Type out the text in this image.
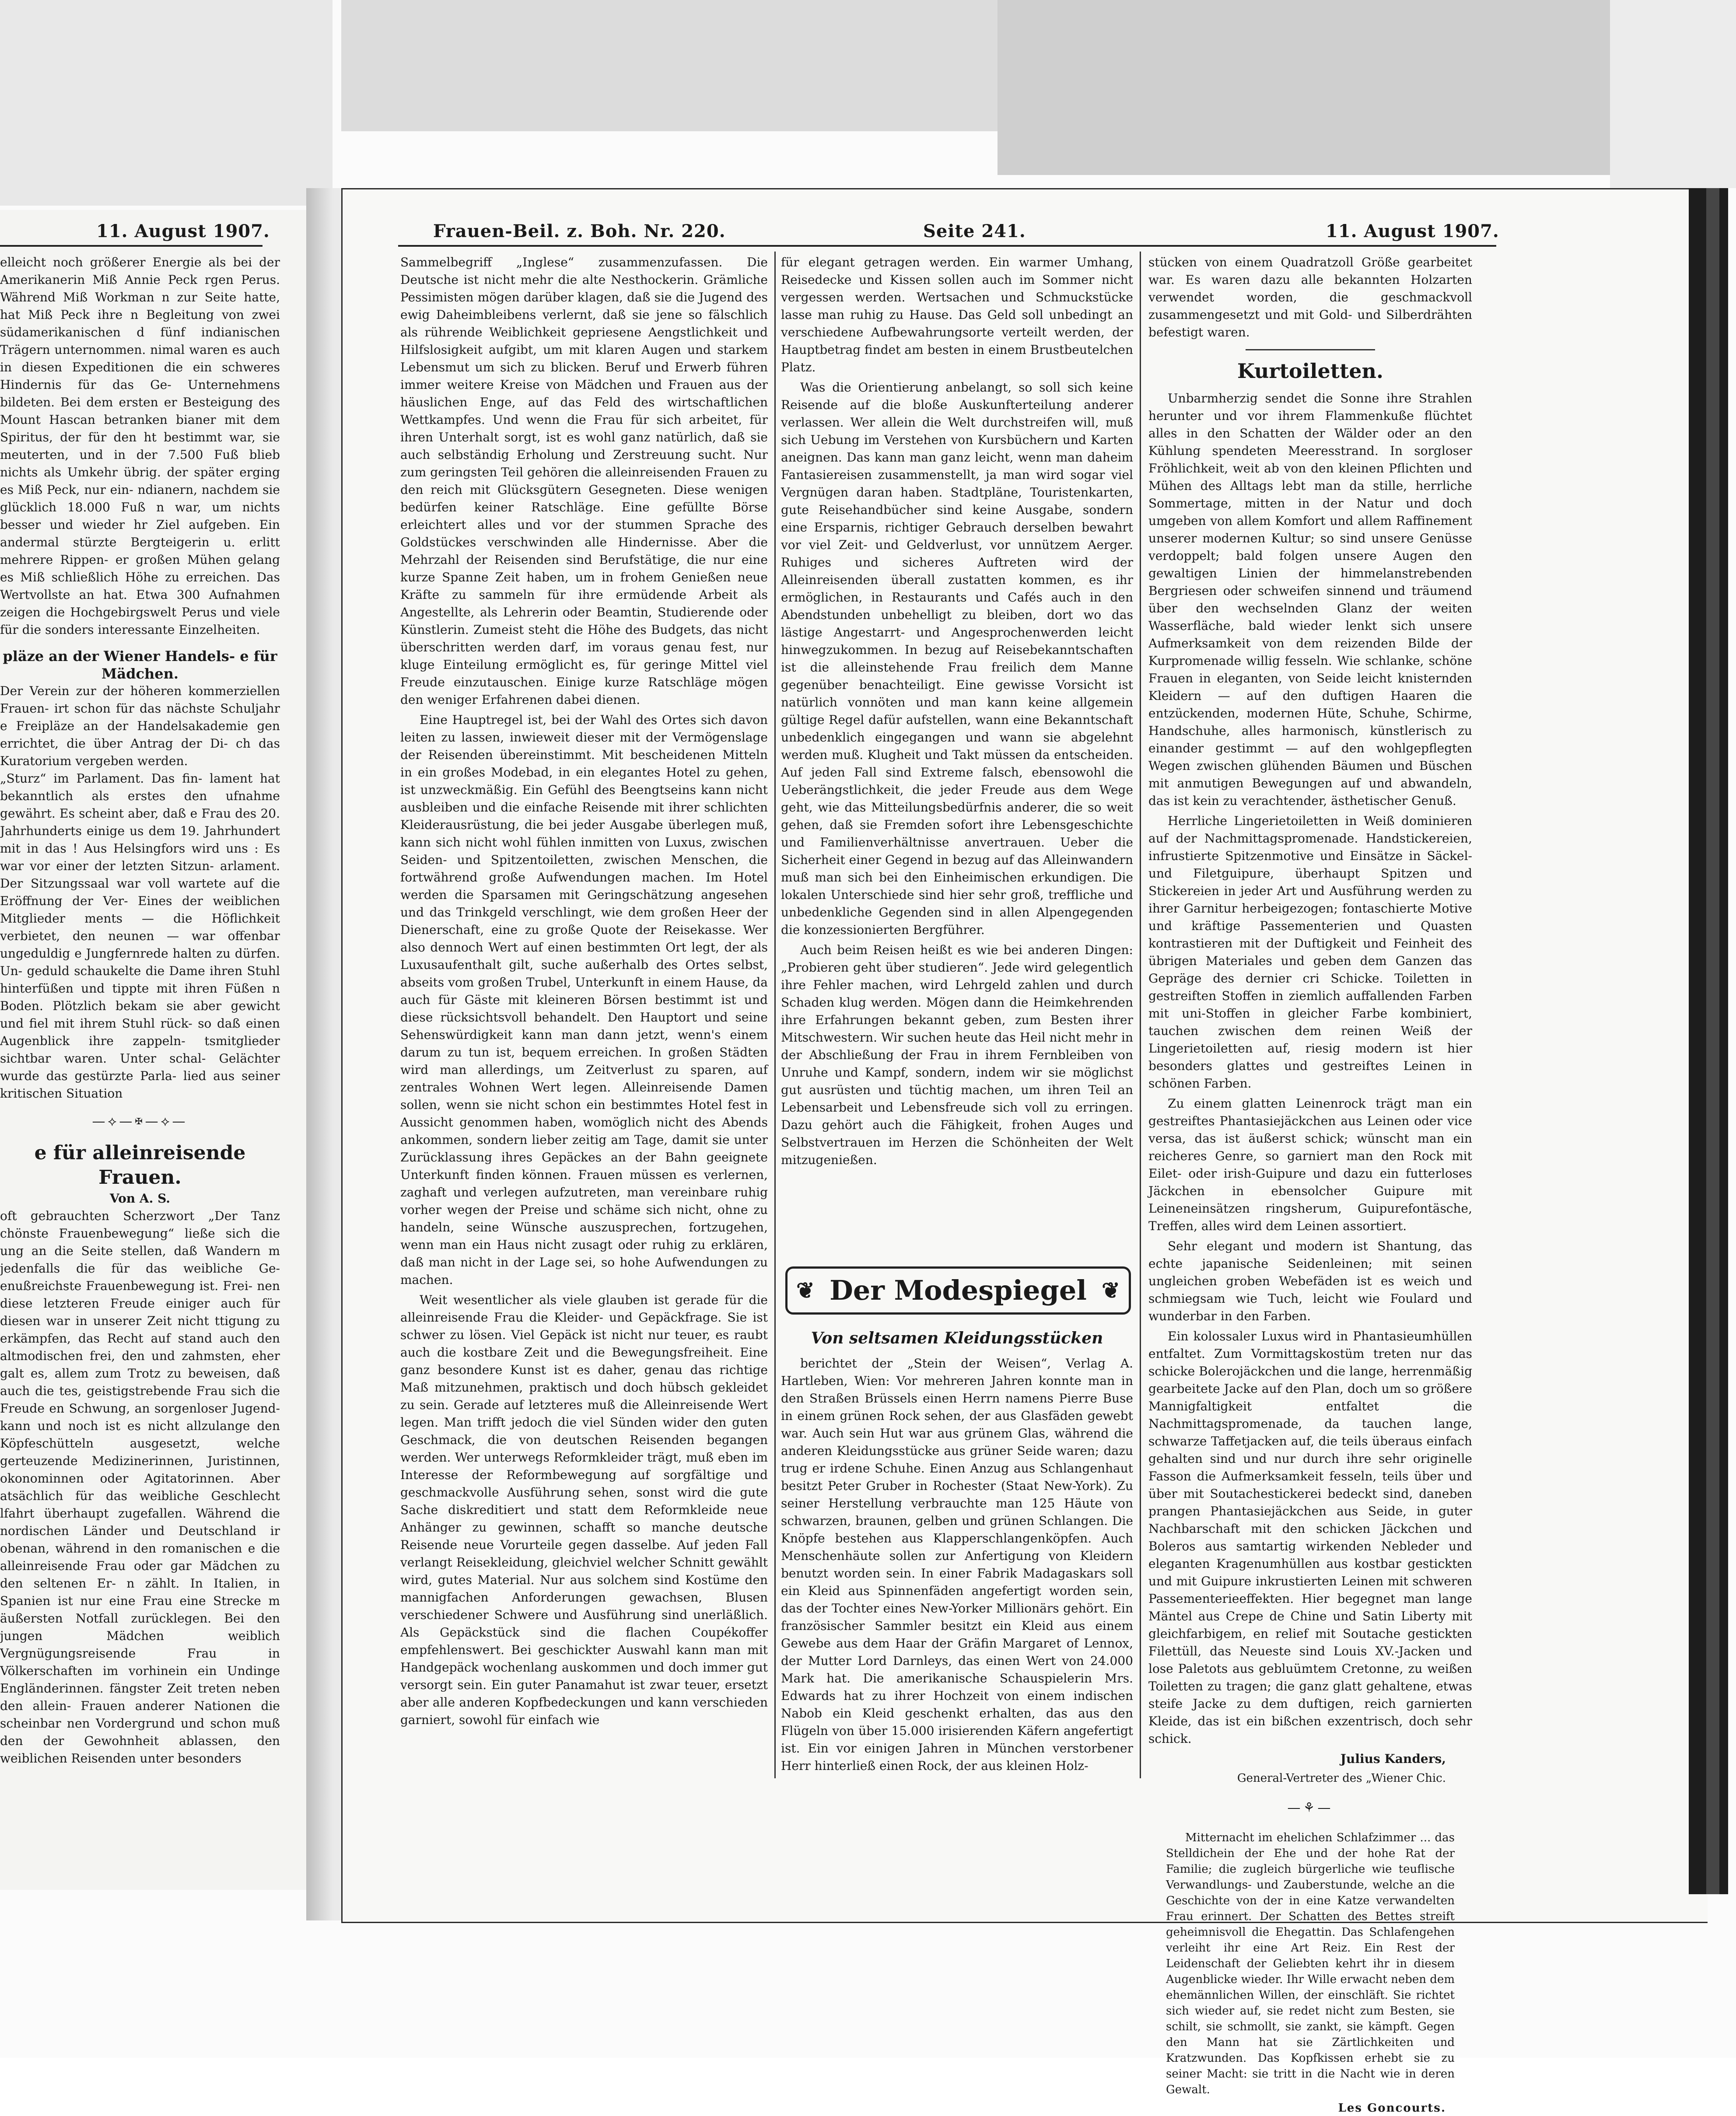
11. August 1907.

elleicht noch größerer Energie als bei der Amerikanerin Miß Annie Peck rgen Perus. Während Miß Workman n zur Seite hatte, hat Miß Peck ihre n Begleitung von zwei südamerikanischen d fünf indianischen Trägern unternommen. nimal waren es auch in diesen Expeditionen die ein schweres Hindernis für das Ge- Unternehmens bildeten. Bei dem ersten er Besteigung des Mount Hascan betranken bianer mit dem Spiritus, der für den ht bestimmt war, sie meuterten, und in der 7.500 Fuß blieb nichts als Umkehr übrig. der später erging es Miß Peck, nur ein- ndianern, nachdem sie glücklich 18.000 Fuß n war, um nichts besser und wieder hr Ziel aufgeben. Ein andermal stürzte Bergteigerin u. erlitt mehrere Rippen- er großen Mühen gelang es Miß schließlich Höhe zu erreichen. Das Wertvollste an hat. Etwa 300 Aufnahmen zeigen die Hochgebirgswelt Perus und viele für die sonders interessante Einzelheiten.

pläze an der Wiener Handels- e für Mädchen.

Der Verein zur der höheren kommerziellen Frauen- irt schon für das nächste Schuljahr e Freipläze an der Handelsakademie gen errichtet, die über Antrag der Di- ch das Kuratorium vergeben werden.

„Sturz“ im Parlament. Das fin- lament hat bekanntlich als erstes den ufnahme gewährt. Es scheint aber, daß e Frau des 20. Jahrhunderts einige us dem 19. Jahrhundert mit in das ! Aus Helsingfors wird uns : Es war vor einer der letzten Sitzun- arlament. Der Sitzungssaal war voll wartete auf die Eröffnung der Ver- Eines der weiblichen Mitglieder ments — die Höflichkeit verbietet, den neunen — war offenbar ungeduldig e Jungfernrede halten zu dürfen. Un- geduld schaukelte die Dame ihren Stuhl hinterfüßen und tippte mit ihren Füßen n Boden. Plötzlich bekam sie aber gewicht und fiel mit ihrem Stuhl rück- so daß einen Augenblick ihre zappeln- tsmitglieder sichtbar waren. Unter schal- Gelächter wurde das gestürzte Parla- lied aus seiner kritischen Situation

—⟡—✠—⟡—

e für alleinreisende Frauen.

Von A. S.

oft gebrauchten Scherzwort „Der Tanz chönste Frauenbewegung“ ließe sich die ung an die Seite stellen, daß Wandern m jedenfalls die für das weibliche Ge- enußreichste Frauenbewegung ist. Frei- nen diese letzteren Freude einiger auch für diesen war in unserer Zeit nicht ttigung zu erkämpfen, das Recht auf stand auch den altmodischen frei, den und zahmsten, eher galt es, allem zum Trotz zu beweisen, daß auch die tes, geistigstrebende Frau sich die Freude en Schwung, an sorgenloser Jugend- kann und noch ist es nicht allzulange den Köpfeschütteln ausgesetzt, welche gerteuzende Medizinerinnen, Juristinnen, okonominnen oder Agitatorinnen. Aber atsächlich für das weibliche Geschlecht lfahrt überhaupt zugefallen. Während die nordischen Länder und Deutschland ir obenan, während in den romanischen e die alleinreisende Frau oder gar Mädchen zu den seltenen Er- n zählt. In Italien, in Spanien ist nur eine Frau eine Strecke m äußersten Notfall zurücklegen. Bei den jungen Mädchen weiblich Vergnügungsreisende Frau in Völkerschaften im vorhinein ein Undinge Engländerinnen. fängster Zeit treten neben den allein- Frauen anderer Nationen die scheinbar nen Vordergrund und schon muß den der Gewohnheit ablassen, den weiblichen Reisenden unter besonders

Frauen-Beil. z. Boh. Nr. 220.	Seite 241.	11. August 1907.

Sammelbegriff „Inglese“ zusammenzufassen. Die Deutsche ist nicht mehr die alte Nesthockerin. Grämliche Pessimisten mögen darüber klagen, daß sie die Jugend des ewig Daheimbleibens verlernt, daß sie jene so fälschlich als rührende Weiblichkeit gepriesene Aengstlichkeit und Hilfslosigkeit aufgibt, um mit klaren Augen und starkem Lebensmut um sich zu blicken. Beruf und Erwerb führen immer weitere Kreise von Mädchen und Frauen aus der häuslichen Enge, auf das Feld des wirtschaftlichen Wettkampfes. Und wenn die Frau für sich arbeitet, für ihren Unterhalt sorgt, ist es wohl ganz natürlich, daß sie auch selbständig Erholung und Zerstreuung sucht. Nur zum geringsten Teil gehören die alleinreisenden Frauen zu den reich mit Glücksgütern Gesegneten. Diese wenigen bedürfen keiner Ratschläge. Eine gefüllte Börse erleichtert alles und vor der stummen Sprache des Goldstückes verschwinden alle Hindernisse. Aber die Mehrzahl der Reisenden sind Berufstätige, die nur eine kurze Spanne Zeit haben, um in frohem Genießen neue Kräfte zu sammeln für ihre ermüdende Arbeit als Angestellte, als Lehrerin oder Beamtin, Studierende oder Künstlerin. Zumeist steht die Höhe des Budgets, das nicht überschritten werden darf, im voraus genau fest, nur kluge Einteilung ermöglicht es, für geringe Mittel viel Freude einzutauschen. Einige kurze Ratschläge mögen den weniger Erfahrenen dabei dienen.

Eine Hauptregel ist, bei der Wahl des Ortes sich davon leiten zu lassen, inwieweit dieser mit der Vermögenslage der Reisenden übereinstimmt. Mit bescheidenen Mitteln in ein großes Modebad, in ein elegantes Hotel zu gehen, ist unzweckmäßig. Ein Gefühl des Beengtseins kann nicht ausbleiben und die einfache Reisende mit ihrer schlichten Kleiderausrüstung, die bei jeder Ausgabe überlegen muß, kann sich nicht wohl fühlen inmitten von Luxus, zwischen Seiden- und Spitzentoiletten, zwischen Menschen, die fortwährend große Aufwendungen machen. Im Hotel werden die Sparsamen mit Geringschätzung angesehen und das Trinkgeld verschlingt, wie dem großen Heer der Dienerschaft, eine zu große Quote der Reisekasse. Wer also dennoch Wert auf einen bestimmten Ort legt, der als Luxusaufenthalt gilt, suche außerhalb des Ortes selbst, abseits vom großen Trubel, Unterkunft in einem Hause, da auch für Gäste mit kleineren Börsen bestimmt ist und diese rücksichtsvoll behandelt. Den Hauptort und seine Sehenswürdigkeit kann man dann jetzt, wenn's einem darum zu tun ist, bequem erreichen. In großen Städten wird man allerdings, um Zeitverlust zu sparen, auf zentrales Wohnen Wert legen. Alleinreisende Damen sollen, wenn sie nicht schon ein bestimmtes Hotel fest in Aussicht genommen haben, womöglich nicht des Abends ankommen, sondern lieber zeitig am Tage, damit sie unter Zurücklassung ihres Gepäckes an der Bahn geeignete Unterkunft finden können. Frauen müssen es verlernen, zaghaft und verlegen aufzutreten, man vereinbare ruhig vorher wegen der Preise und schäme sich nicht, ohne zu handeln, seine Wünsche auszusprechen, fortzugehen, wenn man ein Haus nicht zusagt oder ruhig zu erklären, daß man nicht in der Lage sei, so hohe Aufwendungen zu machen.

Weit wesentlicher als viele glauben ist gerade für die alleinreisende Frau die Kleider- und Gepäckfrage. Sie ist schwer zu lösen. Viel Gepäck ist nicht nur teuer, es raubt auch die kostbare Zeit und die Bewegungsfreiheit. Eine ganz besondere Kunst ist es daher, genau das richtige Maß mitzunehmen, praktisch und doch hübsch gekleidet zu sein. Gerade auf letzteres muß die Alleinreisende Wert legen. Man trifft jedoch die viel Sünden wider den guten Geschmack, die von deutschen Reisenden begangen werden. Wer unterwegs Reformkleider trägt, muß eben im Interesse der Reformbewegung auf sorgfältige und geschmackvolle Ausführung sehen, sonst wird die gute Sache diskreditiert und statt dem Reformkleide neue Anhänger zu gewinnen, schafft so manche deutsche Reisende neue Vorurteile gegen dasselbe. Auf jeden Fall verlangt Reisekleidung, gleichviel welcher Schnitt gewählt wird, gutes Material. Nur aus solchem sind Kostüme den mannigfachen Anforderungen gewachsen, Blusen verschiedener Schwere und Ausführung sind unerläßlich. Als Gepäckstück sind die flachen Coupékoffer empfehlenswert. Bei geschickter Auswahl kann man mit Handgepäck wochenlang auskommen und doch immer gut versorgt sein. Ein guter Panamahut ist zwar teuer, ersetzt aber alle anderen Kopfbedeckungen und kann verschieden garniert, sowohl für einfach wie

für elegant getragen werden. Ein warmer Umhang, Reisedecke und Kissen sollen auch im Sommer nicht vergessen werden. Wertsachen und Schmuckstücke lasse man ruhig zu Hause. Das Geld soll unbedingt an verschiedene Aufbewahrungsorte verteilt werden, der Hauptbetrag findet am besten in einem Brustbeutelchen Platz.

Was die Orientierung anbelangt, so soll sich keine Reisende auf die bloße Auskunfterteilung anderer verlassen. Wer allein die Welt durchstreifen will, muß sich Uebung im Verstehen von Kursbüchern und Karten aneignen. Das kann man ganz leicht, wenn man daheim Fantasiereisen zusammenstellt, ja man wird sogar viel Vergnügen daran haben. Stadtpläne, Touristenkarten, gute Reisehandbücher sind keine Ausgabe, sondern eine Ersparnis, richtiger Gebrauch derselben bewahrt vor viel Zeit- und Geldverlust, vor unnützem Aerger. Ruhiges und sicheres Auftreten wird der Alleinreisenden überall zustatten kommen, es ihr ermöglichen, in Restaurants und Cafés auch in den Abendstunden unbehelligt zu bleiben, dort wo das lästige Angestarrt- und Angesprochenwerden leicht hinwegzukommen. In bezug auf Reisebekanntschaften ist die alleinstehende Frau freilich dem Manne gegenüber benachteiligt. Eine gewisse Vorsicht ist natürlich vonnöten und man kann keine allgemein gültige Regel dafür aufstellen, wann eine Bekanntschaft unbedenklich eingegangen und wann sie abgelehnt werden muß. Klugheit und Takt müssen da entscheiden. Auf jeden Fall sind Extreme falsch, ebensowohl die Ueberängstlichkeit, die jeder Freude aus dem Wege geht, wie das Mitteilungsbedürfnis anderer, die so weit gehen, daß sie Fremden sofort ihre Lebensgeschichte und Familienverhältnisse anvertrauen. Ueber die Sicherheit einer Gegend in bezug auf das Alleinwandern muß man sich bei den Einheimischen erkundigen. Die lokalen Unterschiede sind hier sehr groß, treffliche und unbedenkliche Gegenden sind in allen Alpengegenden die konzessionierten Bergführer.

Auch beim Reisen heißt es wie bei anderen Dingen: „Probieren geht über studieren“. Jede wird gelegentlich ihre Fehler machen, wird Lehrgeld zahlen und durch Schaden klug werden. Mögen dann die Heimkehrenden ihre Erfahrungen bekannt geben, zum Besten ihrer Mitschwestern. Wir suchen heute das Heil nicht mehr in der Abschließung der Frau in ihrem Fernbleiben von Unruhe und Kampf, sondern, indem wir sie möglichst gut ausrüsten und tüchtig machen, um ihren Teil an Lebensarbeit und Lebensfreude sich voll zu erringen. Dazu gehört auch die Fähigkeit, frohen Auges und Selbstvertrauen im Herzen die Schönheiten der Welt mitzugenießen.

❦ Der Modespiegel ❦

Von seltsamen Kleidungsstücken

berichtet der „Stein der Weisen“, Verlag A. Hartleben, Wien: Vor mehreren Jahren konnte man in den Straßen Brüssels einen Herrn namens Pierre Buse in einem grünen Rock sehen, der aus Glasfäden gewebt war. Auch sein Hut war aus grünem Glas, während die anderen Kleidungsstücke aus grüner Seide waren; dazu trug er irdene Schuhe. Einen Anzug aus Schlangenhaut besitzt Peter Gruber in Rochester (Staat New-York). Zu seiner Herstellung verbrauchte man 125 Häute von schwarzen, braunen, gelben und grünen Schlangen. Die Knöpfe bestehen aus Klapperschlangenköpfen. Auch Menschenhäute sollen zur Anfertigung von Kleidern benutzt worden sein. In einer Fabrik Madagaskars soll ein Kleid aus Spinnenfäden angefertigt worden sein, das der Tochter eines New-Yorker Millionärs gehört. Ein französischer Sammler besitzt ein Kleid aus einem Gewebe aus dem Haar der Gräfin Margaret of Lennox, der Mutter Lord Darnleys, das einen Wert von 24.000 Mark hat. Die amerikanische Schauspielerin Mrs. Edwards hat zu ihrer Hochzeit von einem indischen Nabob ein Kleid geschenkt erhalten, das aus den Flügeln von über 15.000 irisierenden Käfern angefertigt ist. Ein vor einigen Jahren in München verstorbener Herr hinterließ einen Rock, der aus kleinen Holz-

stücken von einem Quadratzoll Größe gearbeitet war. Es waren dazu alle bekannten Holzarten verwendet worden, die geschmackvoll zusammengesetzt und mit Gold- und Silberdrähten befestigt waren.

Kurtoiletten.

Unbarmherzig sendet die Sonne ihre Strahlen herunter und vor ihrem Flammenkuße flüchtet alles in den Schatten der Wälder oder an den Kühlung spendeten Meeresstrand. In sorgloser Fröhlichkeit, weit ab von den kleinen Pflichten und Mühen des Alltags lebt man da stille, herrliche Sommertage, mitten in der Natur und doch umgeben von allem Komfort und allem Raffinement unserer modernen Kultur; so sind unsere Genüsse verdoppelt; bald folgen unsere Augen den gewaltigen Linien der himmelanstrebenden Bergriesen oder schweifen sinnend und träumend über den wechselnden Glanz der weiten Wasserfläche, bald wieder lenkt sich unsere Aufmerksamkeit von dem reizenden Bilde der Kurpromenade willig fesseln. Wie schlanke, schöne Frauen in eleganten, von Seide leicht knisternden Kleidern — auf den duftigen Haaren die entzückenden, modernen Hüte, Schuhe, Schirme, Handschuhe, alles harmonisch, künstlerisch zu einander gestimmt — auf den wohlgepflegten Wegen zwischen glühenden Bäumen und Büschen mit anmutigen Bewegungen auf und abwandeln, das ist kein zu verachtender, ästhetischer Genuß.

Herrliche Lingerietoiletten in Weiß dominieren auf der Nachmittagspromenade. Handstickereien, infrustierte Spitzenmotive und Einsätze in Säckel- und Filetguipure, überhaupt Spitzen und Stickereien in jeder Art und Ausführung werden zu ihrer Garnitur herbeigezogen; fontaschierte Motive und kräftige Passementerien und Quasten kontrastieren mit der Duftigkeit und Feinheit des übrigen Materiales und geben dem Ganzen das Gepräge des dernier cri Schicke. Toiletten in gestreiften Stoffen in ziemlich auffallenden Farben mit uni-Stoffen in gleicher Farbe kombiniert, tauchen zwischen dem reinen Weiß der Lingerietoiletten auf, riesig modern ist hier besonders glattes und gestreiftes Leinen in schönen Farben.

Zu einem glatten Leinenrock trägt man ein gestreiftes Phantasiejäckchen aus Leinen oder vice versa, das ist äußerst schick; wünscht man ein reicheres Genre, so garniert man den Rock mit Eilet- oder irish-Guipure und dazu ein futterloses Jäckchen in ebensolcher Guipure mit Leineneinsätzen ringsherum, Guipurefontäsche, Treffen, alles wird dem Leinen assortiert.

Sehr elegant und modern ist Shantung, das echte japanische Seidenleinen; mit seinen ungleichen groben Webefäden ist es weich und schmiegsam wie Tuch, leicht wie Foulard und wunderbar in den Farben.

Ein kolossaler Luxus wird in Phantasieumhüllen entfaltet. Zum Vormittagskostüm treten nur das schicke Bolerojäckchen und die lange, herrenmäßig gearbeitete Jacke auf den Plan, doch um so größere Mannigfaltigkeit entfaltet die Nachmittagspromenade, da tauchen lange, schwarze Taffetjacken auf, die teils überaus einfach gehalten sind und nur durch ihre sehr originelle Fasson die Aufmerksamkeit fesseln, teils über und über mit Soutachestickerei bedeckt sind, daneben prangen Phantasiejäckchen aus Seide, in guter Nachbarschaft mit den schicken Jäckchen und Boleros aus samtartig wirkenden Nebleder und eleganten Kragenumhüllen aus kostbar gestickten und mit Guipure inkrustierten Leinen mit schweren Passementerieeffekten. Hier begegnet man lange Mäntel aus Crepe de Chine und Satin Liberty mit gleichfarbigem, en relief mit Soutache gestickten Filettüll, das Neueste sind Louis XV.-Jacken und lose Paletots aus gebluümtem Cretonne, zu weißen Toiletten zu tragen; die ganz glatt gehaltene, etwas steife Jacke zu dem duftigen, reich garnierten Kleide, das ist ein bißchen exzentrisch, doch sehr schick.

Julius Kanders,

General-Vertreter des „Wiener Chic.

—⚘—

Mitternacht im ehelichen Schlafzimmer ... das Stelldichein der Ehe und der hohe Rat der Familie; die zugleich bürgerliche wie teuflische Verwandlungs- und Zauberstunde, welche an die Geschichte von der in eine Katze verwandelten Frau erinnert. Der Schatten des Bettes streift geheimnisvoll die Ehegattin. Das Schlafengehen verleiht ihr eine Art Reiz. Ein Rest der Leidenschaft der Geliebten kehrt ihr in diesem Augenblicke wieder. Ihr Wille erwacht neben dem ehemännlichen Willen, der einschläft. Sie richtet sich wieder auf, sie redet nicht zum Besten, sie schilt, sie schmollt, sie zankt, sie kämpft. Gegen den Mann hat sie Zärtlichkeiten und Kratzwunden. Das Kopfkissen erhebt sie zu seiner Macht: sie tritt in die Nacht wie in deren Gewalt.

Les Goncourts.
